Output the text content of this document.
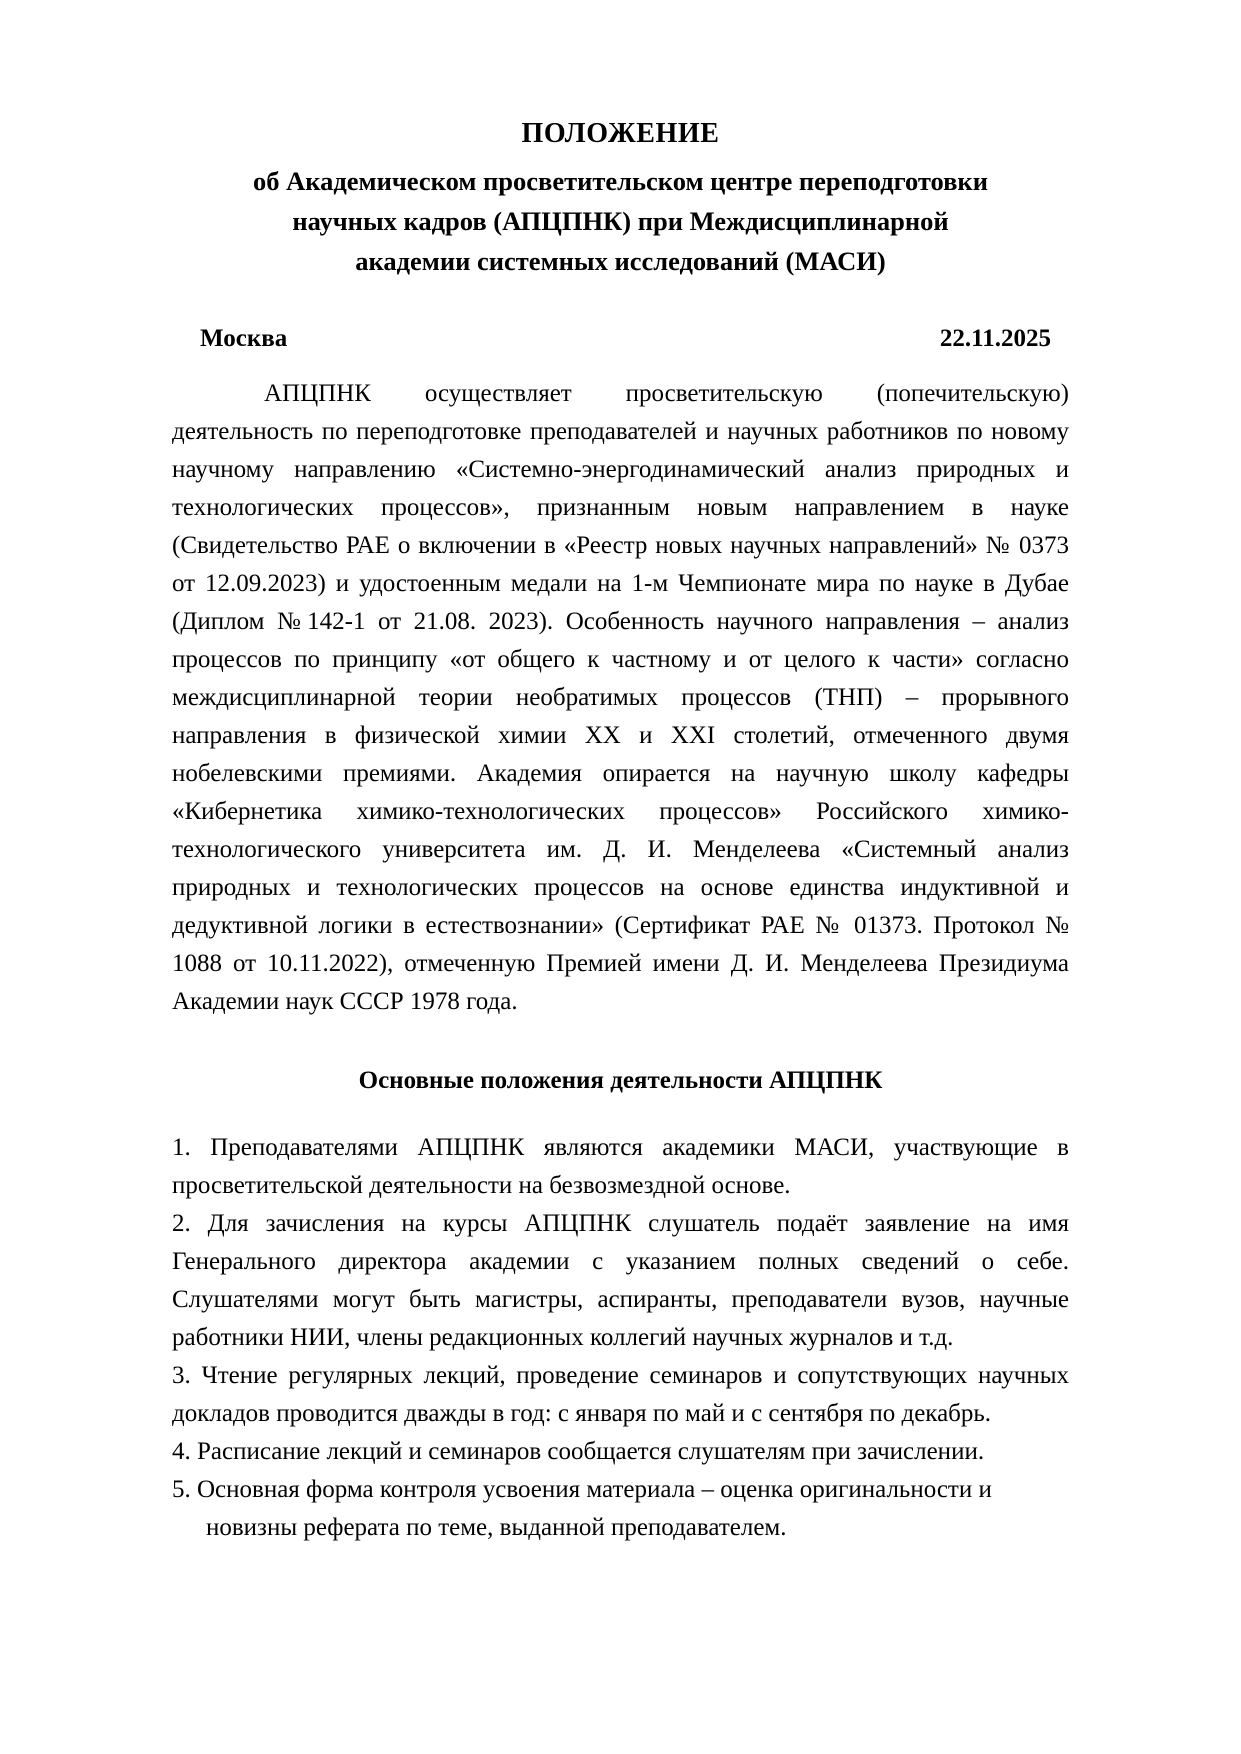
ПОЛОЖЕНИЕ
об Академическом просветительском центре переподготовки
научных кадров (АПЦПНК) при Междисциплинарной
академии системных исследований (МАСИ)
Москва	22.11.2025

АПЦПНК осуществляет просветительскую (попечительскую) деятельность по переподготовке преподавателей и научных работников по новому научному направлению «Системно-энергодинамический анализ природных и технологических процессов», признанным новым направлением в науке (Свидетельство РАЕ о включении в «Реестр новых научных направлений» № 0373 от 12.09.2023) и удостоенным медали на 1-м Чемпионате мира по науке в Дубае (Диплом №142-1 от 21.08. 2023). Особенность научного направления – анализ процессов по принципу «от общего к частному и от целого к части» согласно междисциплинарной теории необратимых процессов (ТНП) – прорывного направления в физической химии XX и XXI столетий, отмеченного двумя нобелевскими премиями. Академия опирается на научную школу кафедры «Кибернетика химико-технологических процессов» Российского химико-технологического университета им. Д. И. Менделеева «Системный анализ природных и технологических процессов на основе единства индуктивной и дедуктивной логики в естествознании» (Сертификат РАЕ № 01373. Протокол № 1088 от 10.11.2022), отмеченную Премией имени Д. И. Менделеева Президиума Академии наук СССР 1978 года.

Основные положения деятельности АПЦПНК

1. Преподавателями АПЦПНК являются академики МАСИ, участвующие в просветительской деятельности на безвозмездной основе.

2. Для зачисления на курсы АПЦПНК слушатель подаёт заявление на имя Генерального директора академии с указанием полных сведений о себе. Слушателями могут быть магистры, аспиранты, преподаватели вузов, научные работники НИИ, члены редакционных коллегий научных журналов и т.д.

3. Чтение регулярных лекций, проведение семинаров и сопутствующих научных докладов проводится дважды в год: с января по май и с сентября по декабрь.

4. Расписание лекций и семинаров сообщается слушателям при зачислении.

5. Основная форма контроля усвоения материала – оценка оригинальности и
новизны реферата по теме, выданной преподавателем.
